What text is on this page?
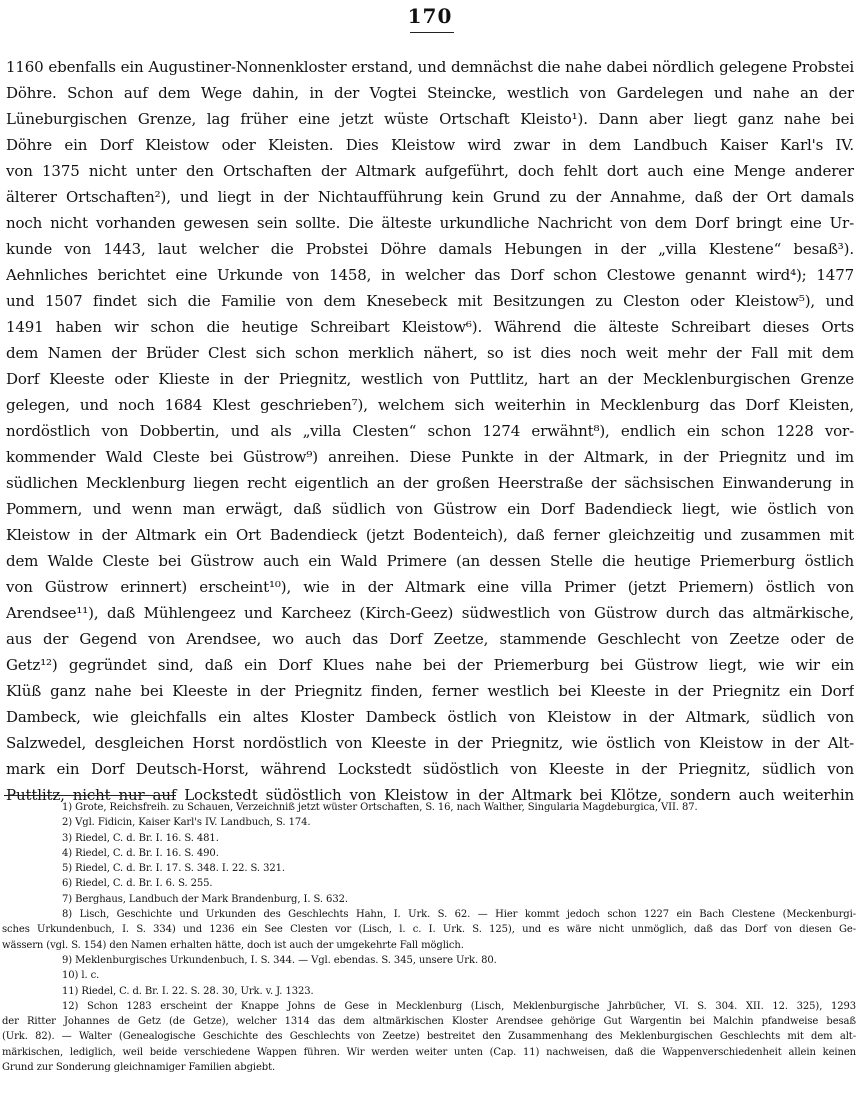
170
1160 ebenfalls ein Augustiner-Nonnenkloster erstand, und demnächst die nahe dabei nördlich gelegene Probstei
Döhre. Schon auf dem Wege dahin, in der Vogtei Steincke, westlich von Gardelegen und nahe an der
Lüneburgischen Grenze, lag früher eine jetzt wüste Ortschaft Kleisto¹). Dann aber liegt ganz nahe bei
Döhre ein Dorf Kleistow oder Kleisten. Dies Kleistow wird zwar in dem Landbuch Kaiser Karl's IV.
von 1375 nicht unter den Ortschaften der Altmark aufgeführt, doch fehlt dort auch eine Menge anderer
älterer Ortschaften²), und liegt in der Nichtaufführung kein Grund zu der Annahme, daß der Ort damals
noch nicht vorhanden gewesen sein sollte. Die älteste urkundliche Nachricht von dem Dorf bringt eine Ur-
kunde von 1443, laut welcher die Probstei Döhre damals Hebungen in der „villa Klestene“ besaß³).
Aehnliches berichtet eine Urkunde von 1458, in welcher das Dorf schon Clestowe genannt wird⁴); 1477
und 1507 findet sich die Familie von dem Knesebeck mit Besitzungen zu Cleston oder Kleistow⁵), und
1491 haben wir schon die heutige Schreibart Kleistow⁶). Während die älteste Schreibart dieses Orts
dem Namen der Brüder Clest sich schon merklich nähert, so ist dies noch weit mehr der Fall mit dem
Dorf Kleeste oder Kliestе in der Priegnitz, westlich von Puttlitz, hart an der Mecklenburgischen Grenze
gelegen, und noch 1684 Klest geschrieben⁷), welchem sich weiterhin in Mecklenburg das Dorf Kleisten,
nordöstlich von Dobbertin, und als „villa Clesten“ schon 1274 erwähnt⁸), endlich ein schon 1228 vor-
kommender Wald Cleste bei Güstrow⁹) anreihen. Diese Punkte in der Altmark, in der Priegnitz und im
südlichen Mecklenburg liegen recht eigentlich an der großen Heerstraße der sächsischen Einwanderung in
Pommern, und wenn man erwägt, daß südlich von Güstrow ein Dorf Badendieck liegt, wie östlich von
Kleistow in der Altmark ein Ort Badendieck (jetzt Bodenteich), daß ferner gleichzeitig und zusammen mit
dem Walde Cleste bei Güstrow auch ein Wald Primere (an dessen Stelle die heutige Priemerburg östlich
von Güstrow erinnert) erscheint¹⁰), wie in der Altmark eine villa Primer (jetzt Priemern) östlich von
Arendsee¹¹), daß Mühlengeez und Karcheez (Kirch-Geez) südwestlich von Güstrow durch das altmärkische,
aus der Gegend von Arendsee, wo auch das Dorf Zeetze, stammende Geschlecht von Zeetze oder de
Getz¹²) gegründet sind, daß ein Dorf Klues nahe bei der Priemerburg bei Güstrow liegt, wie wir ein
Klüß ganz nahe bei Kleeste in der Priegnitz finden, ferner westlich bei Kleeste in der Priegnitz ein Dorf
Dambeck, wie gleichfalls ein altes Kloster Dambeck östlich von Kleistow in der Altmark, südlich von
Salzwedel, desgleichen Horst nordöstlich von Kleeste in der Priegnitz, wie östlich von Kleistow in der Alt-
mark ein Dorf Deutsch-Horst, während Lockstedt südöstlich von Kleeste in der Priegnitz, südlich von
Puttlitz, nicht nur auf Lockstedt südöstlich von Kleistow in der Altmark bei Klötze, sondern auch weiterhin
1) Grote, Reichsfreih. zu Schauen, Verzeichniß jetzt wüster Ortschaften, S. 16, nach Walther, Singularia Magdeburgica, VII. 87.
2) Vgl. Fidicin, Kaiser Karl's IV. Landbuch, S. 174.
3) Riedel, C. d. Br. I. 16. S. 481.
4) Riedel, C. d. Br. I. 16. S. 490.
5) Riedel, C. d. Br. I. 17. S. 348. I. 22. S. 321.
6) Riedel, C. d. Br. I. 6. S. 255.
7) Berghaus, Landbuch der Mark Brandenburg, I. S. 632.
8) Lisch, Geschichte und Urkunden des Geschlechts Hahn, I. Urk. S. 62. — Hier kommt jedoch schon 1227 ein Bach Clestene (Meckenburgi-
sches Urkundenbuch, I. S. 334) und 1236 ein See Clesten vor (Lisch, l. c. I. Urk. S. 125), und es wäre nicht unmöglich, daß das Dorf von diesen Ge-
wässern (vgl. S. 154) den Namen erhalten hätte, doch ist auch der umgekehrte Fall möglich.
9) Meklenburgisches Urkundenbuch, I. S. 344. — Vgl. ebendas. S. 345, unsere Urk. 80.
10) l. c.
11) Riedel, C. d. Br. I. 22. S. 28. 30, Urk. v. J. 1323.
12) Schon 1283 erscheint der Knappe Johns de Gese in Mecklenburg (Lisch, Meklenburgische Jahrbücher, VI. S. 304. XII. 12. 325), 1293
der Ritter Johannes de Getz (de Getze), welcher 1314 das dem altmärkischen Kloster Arendsee gehörige Gut Wargentin bei Malchin pfandweise besaß
(Urk. 82). — Walter (Genealogische Geschichte des Geschlechts von Zeetze) bestreitet den Zusammenhang des Meklenburgischen Geschlechts mit dem alt-
märkischen, lediglich, weil beide verschiedene Wappen führen. Wir werden weiter unten (Cap. 11) nachweisen, daß die Wappenverschiedenheit allein keinen
Grund zur Sonderung gleichnamiger Familien abgiebt.
